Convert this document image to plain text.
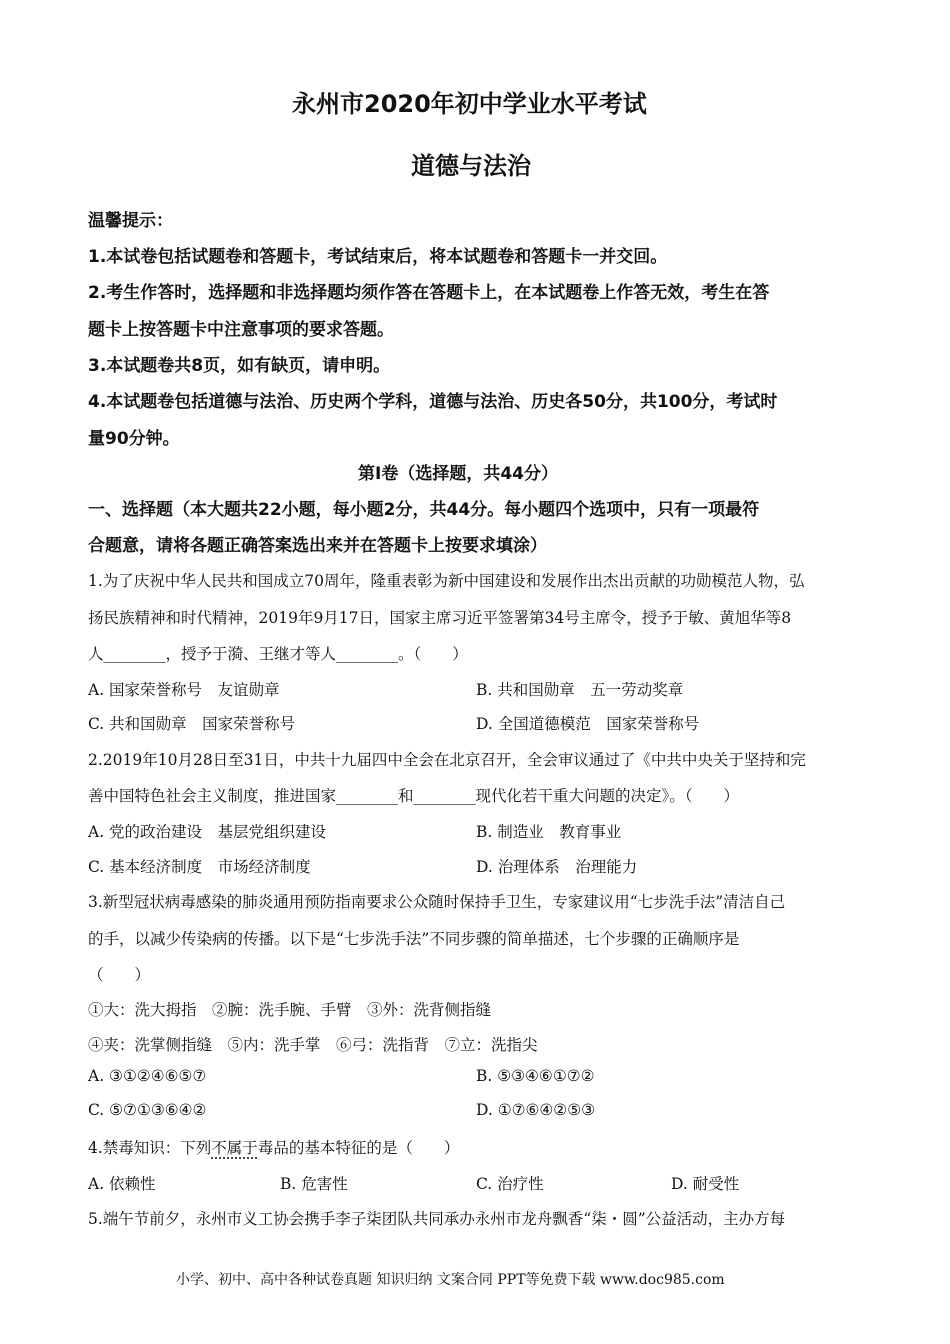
永州市2020年初中学业水平考试
道德与法治
温馨提示：
1.本试卷包括试题卷和答题卡，考试结束后，将本试题卷和答题卡一并交回。
2.考生作答时，选择题和非选择题均须作答在答题卡上，在本试题卷上作答无效，考生在答
题卡上按答题卡中注意事项的要求答题。
3.本试题卷共8页，如有缺页，请申明。
4.本试题卷包括道德与法治、历史两个学科，道德与法治、历史各50分，共100分，考试时
量90分钟。
第Ⅰ卷（选择题，共44分）
一、选择题（本大题共22小题，每小题2分，共44分。每小题四个选项中，只有一项最符
合题意，请将各题正确答案选出来并在答题卡上按要求填涂）
1.为了庆祝中华人民共和国成立70周年，隆重表彰为新中国建设和发展作出杰出贡献的功勋模范人物，弘
扬民族精神和时代精神，2019年9月17日，国家主席习近平签署第34号主席令，授予于敏、黄旭华等8
人________，授予于漪、王继才等人________。（　　）
A. 国家荣誉称号　友谊勋章	B. 共和国勋章　五一劳动奖章
C. 共和国勋章　国家荣誉称号	D. 全国道德模范　国家荣誉称号
2.2019年10月28日至31日，中共十九届四中全会在北京召开，全会审议通过了《中共中央关于坚持和完
善中国特色社会主义制度，推进国家________和________现代化若干重大问题的决定》。（　　）
A. 党的政治建设　基层党组织建设	B. 制造业　教育事业
C. 基本经济制度　市场经济制度	D. 治理体系　治理能力
3.新型冠状病毒感染的肺炎通用预防指南要求公众随时保持手卫生，专家建议用“七步洗手法”清洁自己
的手，以减少传染病的传播。以下是“七步洗手法”不同步骤的简单描述，七个步骤的正确顺序是
（　　）
①大：洗大拇指　②腕：洗手腕、手臂　③外：洗背侧指缝
④夹：洗掌侧指缝　⑤内：洗手掌　⑥弓：洗指背　⑦立：洗指尖
A. ③①②④⑥⑤⑦	B. ⑤③④⑥①⑦②
C. ⑤⑦①③⑥④②	D. ①⑦⑥④②⑤③
4.禁毒知识：下列不属于毒品的基本特征的是（　　）
A. 依赖性	B. 危害性	C. 治疗性	D. 耐受性
5.端午节前夕，永州市义工协会携手李子柒团队共同承办永州市龙舟飘香“柒・圆”公益活动，主办方每
小学、初中、高中各种试卷真题 知识归纳 文案合同 PPT等免费下载 www.doc985.com
